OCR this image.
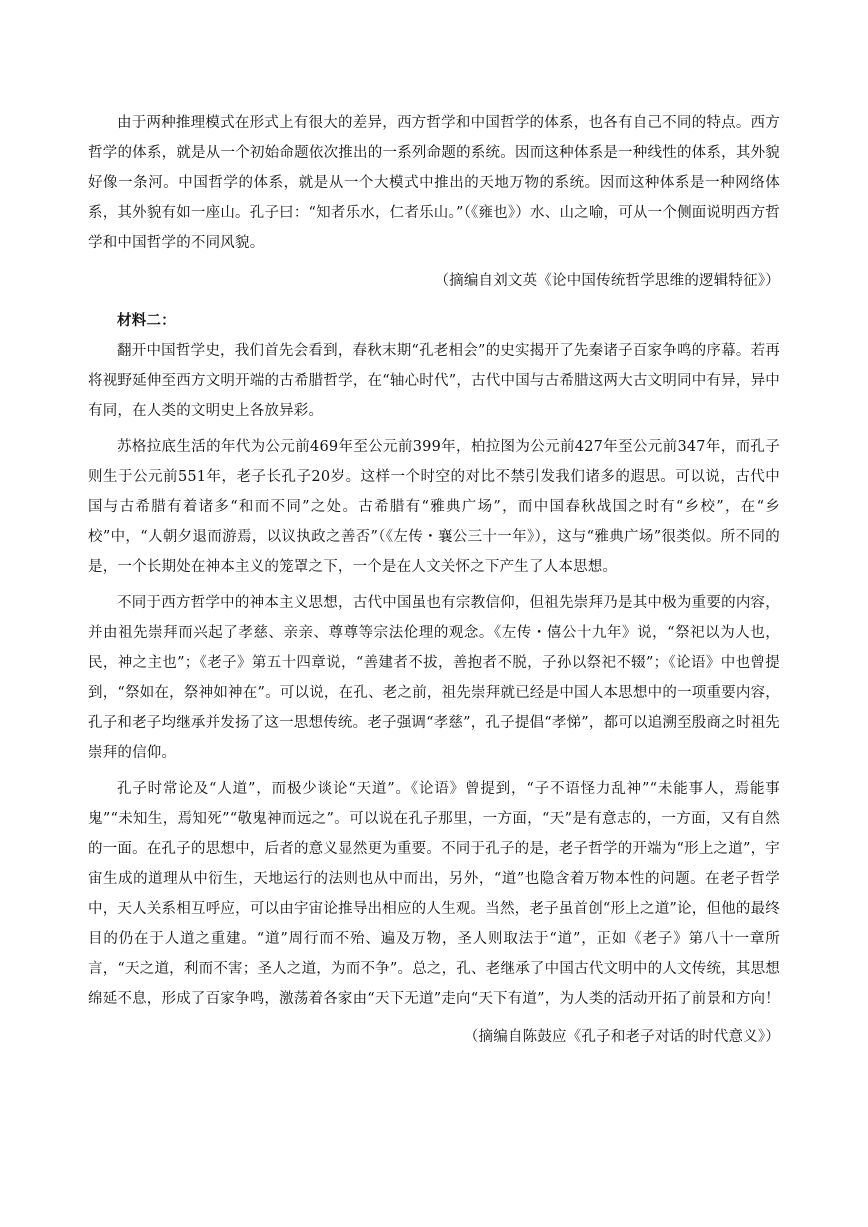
由于两种推理模式在形式上有很大的差异，西方哲学和中国哲学的体系，也各有自己不同的特点。西方哲学的体系，就是从一个初始命题依次推出的一系列命题的系统。因而这种体系是一种线性的体系，其外貌好像一条河。中国哲学的体系，就是从一个大模式中推出的天地万物的系统。因而这种体系是一种网络体系，其外貌有如一座山。孔子曰：“知者乐水，仁者乐山。”（《雍也》）水、山之喻，可从一个侧面说明西方哲学和中国哲学的不同风貌。

（摘编自刘文英《论中国传统哲学思维的逻辑特征》）

材料二：

翻开中国哲学史，我们首先会看到，春秋末期“孔老相会”的史实揭开了先秦诸子百家争鸣的序幕。若再将视野延伸至西方文明开端的古希腊哲学，在“轴心时代”，古代中国与古希腊这两大古文明同中有异，异中有同，在人类的文明史上各放异彩。

苏格拉底生活的年代为公元前469年至公元前399年，柏拉图为公元前427年至公元前347年，而孔子则生于公元前551年，老子长孔子20岁。这样一个时空的对比不禁引发我们诸多的遐思。可以说，古代中国与古希腊有着诸多“和而不同”之处。古希腊有“雅典广场”，而中国春秋战国之时有“乡校”，在“乡校”中，“人朝夕退而游焉，以议执政之善否”（《左传・襄公三十一年》），这与“雅典广场”很类似。所不同的是，一个长期处在神本主义的笼罩之下，一个是在人文关怀之下产生了人本思想。

不同于西方哲学中的神本主义思想，古代中国虽也有宗教信仰，但祖先崇拜乃是其中极为重要的内容，并由祖先崇拜而兴起了孝慈、亲亲、尊尊等宗法伦理的观念。《左传・僖公十九年》说，“祭祀以为人也，民，神之主也”；《老子》第五十四章说，“善建者不拔，善抱者不脱，子孙以祭祀不辍”；《论语》中也曾提到，“祭如在，祭神如神在”。可以说，在孔、老之前，祖先崇拜就已经是中国人本思想中的一项重要内容，孔子和老子均继承并发扬了这一思想传统。老子强调“孝慈”，孔子提倡“孝悌”，都可以追溯至殷商之时祖先崇拜的信仰。

孔子时常论及“人道”，而极少谈论“天道”。《论语》曾提到，“子不语怪力乱神”“未能事人，焉能事鬼”“未知生，焉知死”“敬鬼神而远之”。可以说在孔子那里，一方面，“天”是有意志的，一方面，又有自然的一面。在孔子的思想中，后者的意义显然更为重要。不同于孔子的是，老子哲学的开端为“形上之道”，宇宙生成的道理从中衍生，天地运行的法则也从中而出，另外，“道”也隐含着万物本性的问题。在老子哲学中，天人关系相互呼应，可以由宇宙论推导出相应的人生观。当然，老子虽首创“形上之道”论，但他的最终目的仍在于人道之重建。“道”周行而不殆、遍及万物，圣人则取法于“道”，正如《老子》第八十一章所言，“天之道，利而不害；圣人之道，为而不争”。总之，孔、老继承了中国古代文明中的人文传统，其思想绵延不息，形成了百家争鸣，激荡着各家由“天下无道”走向“天下有道”，为人类的活动开拓了前景和方向！

（摘编自陈鼓应《孔子和老子对话的时代意义》）
